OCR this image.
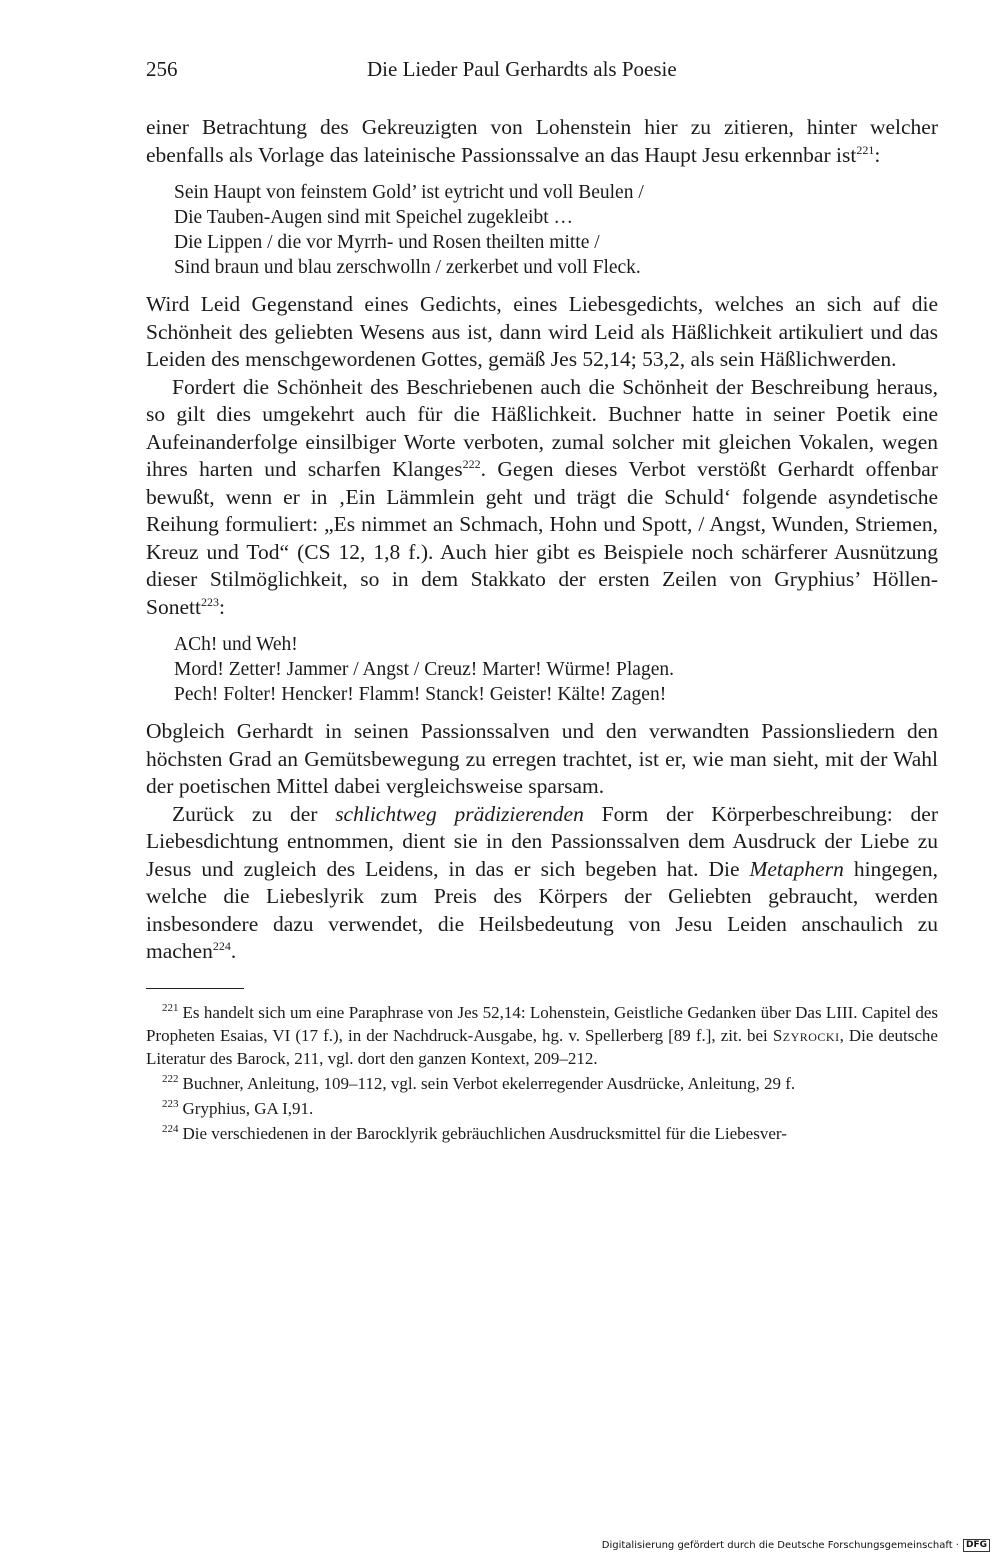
256	Die Lieder Paul Gerhardts als Poesie

einer Betrachtung des Gekreuzigten von Lohenstein hier zu zitieren, hinter welcher ebenfalls als Vorlage das lateinische Passionssalve an das Haupt Jesu erkennbar ist$^{221}$:

Sein Haupt von feinstem Gold’ ist eytricht und voll Beulen /
Die Tauben-Augen sind mit Speichel zugekleibt …
Die Lippen / die vor Myrrh- und Rosen theilten mitte /
Sind braun und blau zerschwolln / zerkerbet und voll Fleck.

Wird Leid Gegenstand eines Gedichts, eines Liebesgedichts, welches an sich auf die Schönheit des geliebten Wesens aus ist, dann wird Leid als Häßlichkeit artikuliert und das Leiden des menschgewordenen Gottes, gemäß Jes 52,14; 53,2, als sein Häßlichwerden.

Fordert die Schönheit des Beschriebenen auch die Schönheit der Beschreibung heraus, so gilt dies umgekehrt auch für die Häßlichkeit. Buchner hatte in seiner Poetik eine Aufeinanderfolge einsilbiger Worte verboten, zumal solcher mit gleichen Vokalen, wegen ihres harten und scharfen Klanges$^{222}$. Gegen dieses Verbot verstößt Gerhardt offenbar bewußt, wenn er in ‚Ein Lämmlein geht und trägt die Schuld‘ folgende asyndetische Reihung formuliert: „Es nimmet an Schmach, Hohn und Spott, / Angst, Wunden, Striemen, Kreuz und Tod“ (CS 12, 1,8 f.). Auch hier gibt es Beispiele noch schärferer Ausnützung dieser Stilmöglichkeit, so in dem Stakkato der ersten Zeilen von Gryphius’ Höllen-Sonett$^{223}$:

ACh! und Weh!
Mord! Zetter! Jammer / Angst / Creuz! Marter! Würme! Plagen.
Pech! Folter! Hencker! Flamm! Stanck! Geister! Kälte! Zagen!

Obgleich Gerhardt in seinen Passionssalven und den verwandten Passionsliedern den höchsten Grad an Gemütsbewegung zu erregen trachtet, ist er, wie man sieht, mit der Wahl der poetischen Mittel dabei vergleichsweise sparsam.

Zurück zu der schlichtweg prädizierenden Form der Körperbeschreibung: der Liebesdichtung entnommen, dient sie in den Passionssalven dem Ausdruck der Liebe zu Jesus und zugleich des Leidens, in das er sich begeben hat. Die Metaphern hingegen, welche die Liebeslyrik zum Preis des Körpers der Geliebten gebraucht, werden insbesondere dazu verwendet, die Heilsbedeutung von Jesu Leiden anschaulich zu machen$^{224}$.

$^{221}$ Es handelt sich um eine Paraphrase von Jes 52,14: Lohenstein, Geistliche Gedanken über Das LIII. Capitel des Propheten Esaias, VI (17 f.), in der Nachdruck-Ausgabe, hg. v. Spellerberg [89 f.], zit. bei Szyrocki, Die deutsche Literatur des Barock, 211, vgl. dort den ganzen Kontext, 209–212.

$^{222}$ Buchner, Anleitung, 109–112, vgl. sein Verbot ekelerregender Ausdrücke, Anleitung, 29 f.

$^{223}$ Gryphius, GA I,91.

$^{224}$ Die verschiedenen in der Barocklyrik gebräuchlichen Ausdrucksmittel für die Liebesver-

Digitalisierung gefördert durch die Deutsche Forschungsgemeinschaft · DFG
